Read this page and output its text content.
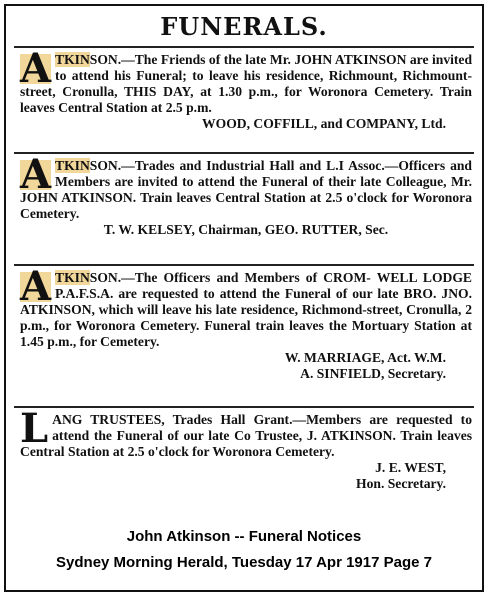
FUNERALS.

A TKINSON.—The Friends of the late Mr. JOHN ATKINSON are invited to attend his Funeral; to leave his residence, Richmount, Richmount-street, Cronulla, THIS DAY, at 1.30 p.m., for Woronora Cemetery. Train leaves Central Station at 2.5 p.m.

WOOD, COFFILL, and COMPANY, Ltd.

A TKINSON.—Trades and Industrial Hall and L.I Assoc.—Officers and Members are invited to attend the Funeral of their late Colleague, Mr. JOHN ATKINSON. Train leaves Central Station at 2.5 o'clock for Woronora Cemetery.

T. W. KELSEY, Chairman, GEO. RUTTER, Sec.

A TKINSON.—The Officers and Members of CROM- WELL LODGE P.A.F.S.A. are requested to attend the Funeral of our late BRO. JNO. ATKINSON, which will leave his late residence, Richmond-street, Cronulla, 2 p.m., for Woronora Cemetery. Funeral train leaves the Mortuary Station at 1.45 p.m., for Cemetery.

W. MARRIAGE, Act. W.M.

A. SINFIELD, Secretary.

L ANG TRUSTEES, Trades Hall Grant.—Members are requested to attend the Funeral of our late Co Trustee, J. ATKINSON. Train leaves Central Station at 2.5 o'clock for Woronora Cemetery.

J. E. WEST,

Hon. Secretary.

John Atkinson -- Funeral Notices
Sydney Morning Herald, Tuesday 17 Apr 1917 Page 7
